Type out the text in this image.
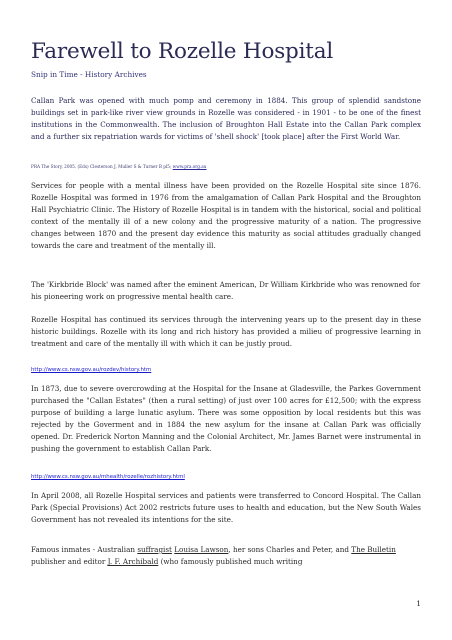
Farewell to Rozelle Hospital
Snip in Time - History Archives
Callan Park was opened with much pomp and ceremony in 1884. This group of splendid sandstone buildings set in park-like river view grounds in Rozelle was considered - in 1901 - to be one of the finest institutions in the Commonwealth. The inclusion of Broughton Hall Estate into the Callan Park complex and a further six repatriation wards for victims of 'shell shock' [took place] after the First World War.
PRA The Story, 2005. (Eds) Clesterson J, Muller S & Turner B pl5; www.pra.org.au
Services for people with a mental illness have been provided on the Rozelle Hospital site since 1876. Rozelle Hospital was formed in 1976 from the amalgamation of Callan Park Hospital and the Broughton Hall Psychiatric Clinic. The History of Rozelle Hospital is in tandem with the historical, social and political context of the mentally ill of a new colony and the progressive maturity of a nation. The progressive changes between 1870 and the present day evidence this maturity as social attitudes gradually changed towards the care and treatment of the mentally ill.
The 'Kirkbride Block' was named after the eminent American, Dr William Kirkbride who was renowned for his pioneering work on progressive mental health care.
Rozelle Hospital has continued its services through the intervening years up to the present day in these historic buildings. Rozelle with its long and rich history has provided a milieu of progressive learning in treatment and care of the mentally ill with which it can be justly proud.
http://www.cs.nsw.gov.au/rozdev/history.htm
In 1873, due to severe overcrowding at the Hospital for the Insane at Gladesville, the Parkes Government purchased the "Callan Estates" (then a rural setting) of just over 100 acres for £12,500; with the express purpose of building a large lunatic asylum. There was some opposition by local residents but this was rejected by the Goverment and in 1884 the new asylum for the insane at Callan Park was officially opened. Dr. Frederick Norton Manning and the Colonial Architect, Mr. James Barnet were instrumental in pushing the government to establish Callan Park.
http://www.cs.nsw.gov.au/mhealth/rozelle/rozhistory.html
In April 2008, all Rozelle Hospital services and patients were transferred to Concord Hospital. The Callan Park (Special Provisions) Act 2002 restricts future uses to health and education, but the New South Wales Government has not revealed its intentions for the site.
Famous inmates - Australian suffragist Louisa Lawson, her sons Charles and Peter, and The Bulletin publisher and editor J. F. Archibald (who famously published much writing
1
